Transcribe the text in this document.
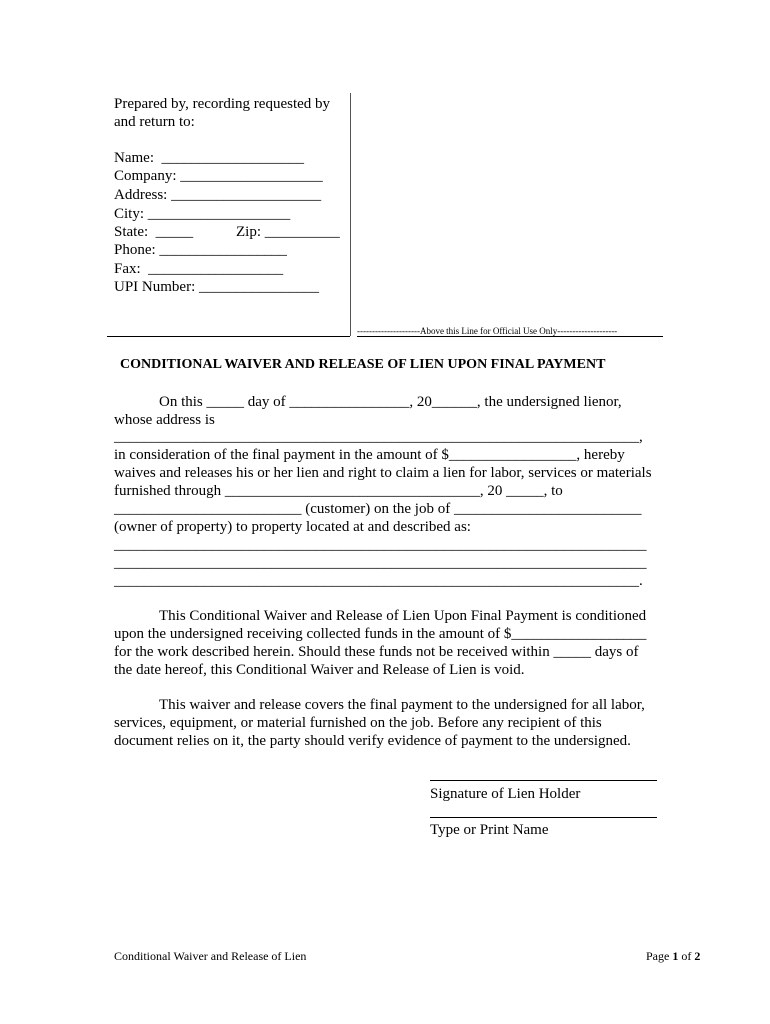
Prepared by, recording requested by
and return to:
Name:  ___________________
Company: ___________________
Address: ____________________
City: ___________________
State:  _____	Zip: __________
Phone: _________________
Fax:  __________________
UPI Number: ________________
---------------------Above this Line for Official Use Only--------------------
CONDITIONAL WAIVER AND RELEASE OF LIEN UPON FINAL PAYMENT
On this _____ day of ________________, 20______, the undersigned lienor,
whose address is
______________________________________________________________________,
in consideration of the final payment in the amount of $_________________, hereby
waives and releases his or her lien and right to claim a lien for labor, services or materials
furnished through __________________________________, 20 _____, to
_________________________ (customer) on the job of _________________________
(owner of property) to property located at and described as:
_______________________________________________________________________
_______________________________________________________________________
______________________________________________________________________.
This Conditional Waiver and Release of Lien Upon Final Payment is conditioned
upon the undersigned receiving collected funds in the amount of $__________________
for the work described herein. Should these funds not be received within _____ days of
the date hereof, this Conditional Waiver and Release of Lien is void.
This waiver and release covers the final payment to the undersigned for all labor,
services, equipment, or material furnished on the job. Before any recipient of this
document relies on it, the party should verify evidence of payment to the undersigned.
Signature of Lien Holder
Type or Print Name
Conditional Waiver and Release of Lien	Page 1 of 2
